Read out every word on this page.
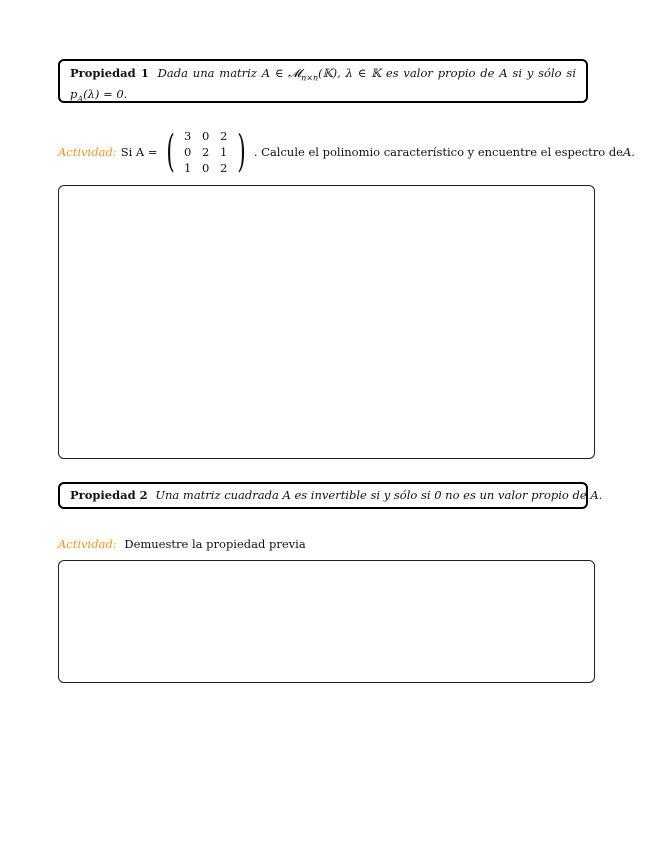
Propiedad 1 Dada una matriz A ∈ 𝓜$_{n\times n}$(𝕂), λ ∈ 𝕂 es valor propio de A si y sólo si $p_A(\lambda) = 0$.
Actividad: Si A = ( 3 0 2
0 2 1
1 0 2 ) . Calcule el polinomio característico y encuentre el espectro de A .
Propiedad 2 Una matriz cuadrada A es invertible si y sólo si 0 no es un valor propio de A.
Actividad: Demuestre la propiedad previa
